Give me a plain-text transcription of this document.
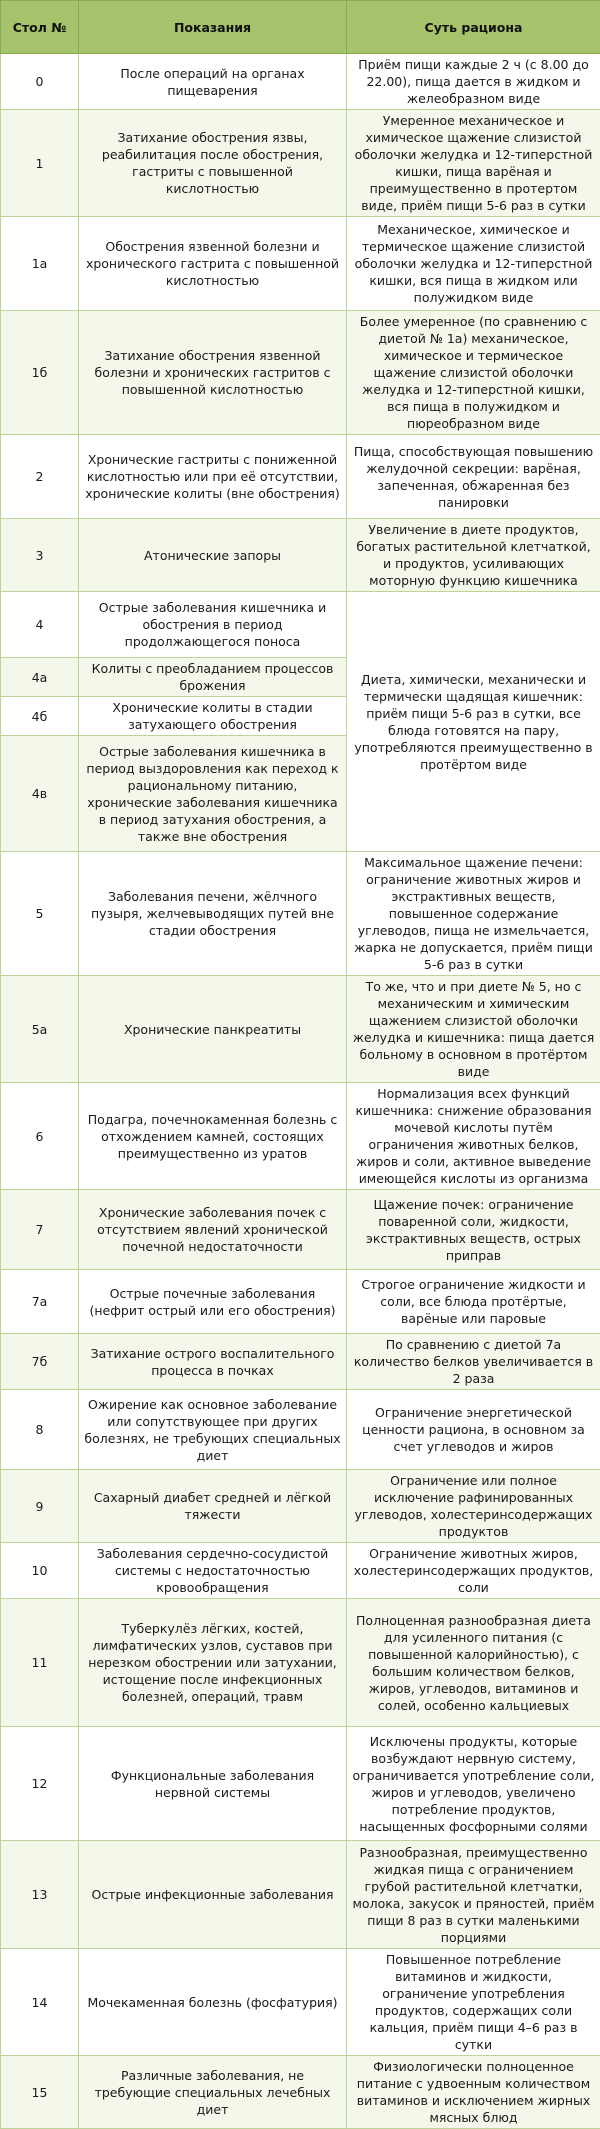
Стол №	Показания	Суть рациона
0	После операций на органах пищеварения	Приём пищи каждые 2 ч (с 8.00 до 22.00), пища дается в жидком и желеобразном виде
1	Затихание обострения язвы, реабилитация после обострения, гастриты с повышенной кислотностью	Умеренное механическое и химическое щажение слизистой оболочки желудка и 12-типерстной кишки, пища варёная и преимущественно в протертом виде, приём пищи 5-6 раз в сутки
1а	Обострения язвенной болезни и хронического гастрита с повышенной кислотностью	Механическое, химическое и термическое щажение слизистой оболочки желудка и 12-типерстной кишки, вся пища в жидком или полужидком виде
1б	Затихание обострения язвенной болезни и хронических гастритов с повышенной кислотностью	Более умеренное (по сравнению с диетой № 1а) механическое, химическое и термическое щажение слизистой оболочки желудка и 12-типерстной кишки, вся пища в полужидком и пюреобразном виде
2	Хронические гастриты с пониженной кислотностью или при её отсутствии, хронические колиты (вне обострения)	Пища, способствующая повышению желудочной секреции: варёная, запеченная, обжаренная без панировки
3	Атонические запоры	Увеличение в диете продуктов, богатых растительной клетчаткой, и продуктов, усиливающих моторную функцию кишечника
4	Острые заболевания кишечника и обострения в период продолжающегося поноса	Диета, химически, механически и термически щадящая кишечник: приём пищи 5-6 раз в сутки, все блюда готовятся на пару, употребляются преимущественно в протёртом виде
4а	Колиты с преобладанием процессов брожения	
4б	Хронические колиты в стадии затухающего обострения	
4в	Острые заболевания кишечника в период выздоровления как переход к рациональному питанию, хронические заболевания кишечника в период затухания обострения, а также вне обострения	
5	Заболевания печени, жёлчного пузыря, желчевыводящих путей вне стадии обострения	Максимальное щажение печени: ограничение животных жиров и экстрактивных веществ, повышенное содержание углеводов, пища не измельчается, жарка не допускается, приём пищи 5-6 раз в сутки
5а	Хронические панкреатиты	То же, что и при диете № 5, но с механическим и химическим щажением слизистой оболочки желудка и кишечника: пища дается больному в основном в протёртом виде
6	Подагра, почечнокаменная болезнь с отхождением камней, состоящих преимущественно из уратов	Нормализация всех функций кишечника: снижение образования мочевой кислоты путём ограничения животных белков, жиров и соли, активное выведение имеющейся кислоты из организма
7	Хронические заболевания почек с отсутствием явлений хронической почечной недостаточности	Щажение почек: ограничение поваренной соли, жидкости, экстрактивных веществ, острых приправ
7а	Острые почечные заболевания (нефрит острый или его обострения)	Строгое ограничение жидкости и соли, все блюда протёртые, варёные или паровые
7б	Затихание острого воспалительного процесса в почках	По сравнению с диетой 7а количество белков увеличивается в 2 раза
8	Ожирение как основное заболевание или сопутствующее при других болезнях, не требующих специальных диет	Ограничение энергетической ценности рациона, в основном за счет углеводов и жиров
9	Сахарный диабет средней и лёгкой тяжести	Ограничение или полное исключение рафинированных углеводов, холестеринсодержащих продуктов
10	Заболевания сердечно-сосудистой системы с недостаточностью кровообращения	Ограничение животных жиров, холестеринсодержащих продуктов, соли
11	Туберкулёз лёгких, костей, лимфатических узлов, суставов при нерезком обострении или затухании, истощение после инфекционных болезней, операций, травм	Полноценная разнообразная диета для усиленного питания (с повышенной калорийностью), с большим количеством белков, жиров, углеводов, витаминов и солей, особенно кальциевых
12	Функциональные заболевания нервной системы	Исключены продукты, которые возбуждают нервную систему, ограничивается употребление соли, жиров и углеводов, увеличено потребление продуктов, насыщенных фосфорными солями
13	Острые инфекционные заболевания	Разнообразная, преимущественно жидкая пища с ограничением грубой растительной клетчатки, молока, закусок и пряностей, приём пищи 8 раз в сутки маленькими порциями
14	Мочекаменная болезнь (фосфатурия)	Повышенное потребление витаминов и жидкости, ограничение употребления продуктов, содержащих соли кальция, приём пищи 4–6 раз в сутки
15	Различные заболевания, не требующие специальных лечебных диет	Физиологически полноценное питание с удвоенным количеством витаминов и исключением жирных мясных блюд
